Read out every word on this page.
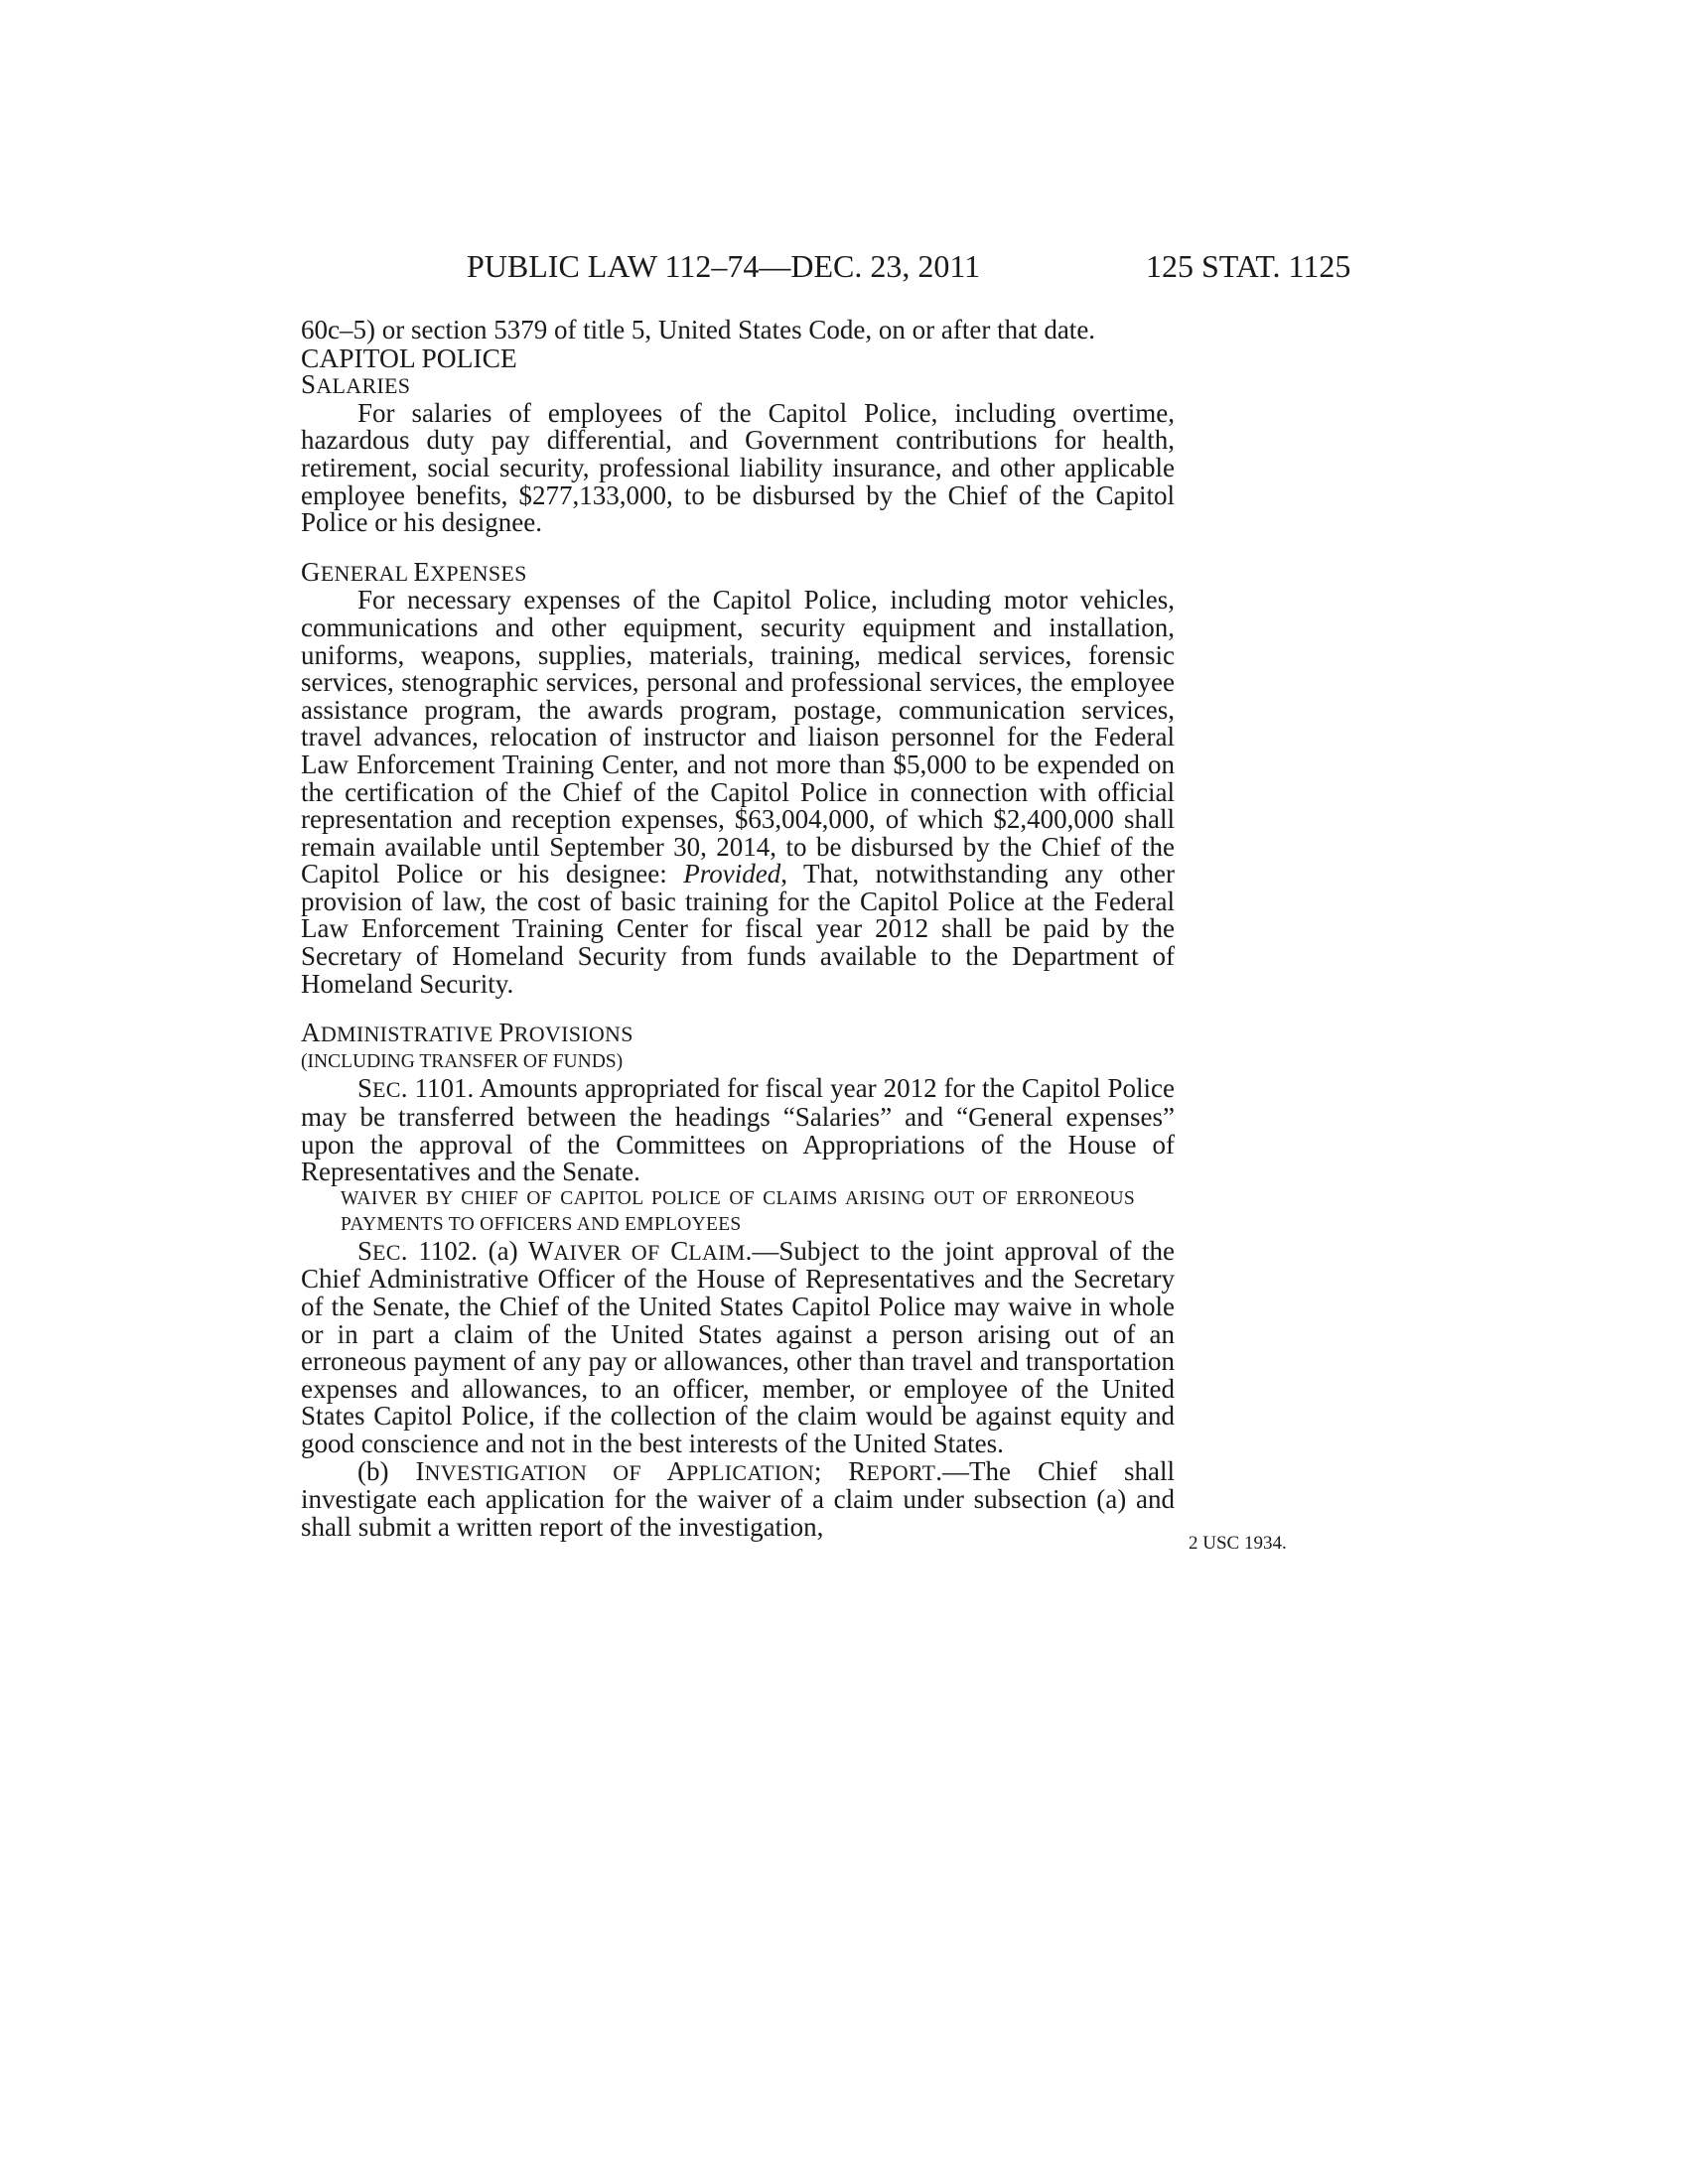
PUBLIC LAW 112–74—DEC. 23, 2011	125 STAT. 1125

60c–5) or section 5379 of title 5, United States Code, on or after that date.

CAPITOL POLICE

SALARIES

For salaries of employees of the Capitol Police, including overtime, hazardous duty pay differential, and Government contributions for health, retirement, social security, professional liability insurance, and other applicable employee benefits, $277,133,000, to be disbursed by the Chief of the Capitol Police or his designee.

GENERAL EXPENSES

For necessary expenses of the Capitol Police, including motor vehicles, communications and other equipment, security equipment and installation, uniforms, weapons, supplies, materials, training, medical services, forensic services, stenographic services, personal and professional services, the employee assistance program, the awards program, postage, communication services, travel advances, relocation of instructor and liaison personnel for the Federal Law Enforcement Training Center, and not more than $5,000 to be expended on the certification of the Chief of the Capitol Police in connection with official representation and reception expenses, $63,004,000, of which $2,400,000 shall remain available until September 30, 2014, to be disbursed by the Chief of the Capitol Police or his designee: Provided, That, notwithstanding any other provision of law, the cost of basic training for the Capitol Police at the Federal Law Enforcement Training Center for fiscal year 2012 shall be paid by the Secretary of Homeland Security from funds available to the Department of Homeland Security.

ADMINISTRATIVE PROVISIONS

(INCLUDING TRANSFER OF FUNDS)

SEC. 1101. Amounts appropriated for fiscal year 2012 for the Capitol Police may be transferred between the headings “Salaries” and “General expenses” upon the approval of the Committees on Appropriations of the House of Representatives and the Senate.

WAIVER BY CHIEF OF CAPITOL POLICE OF CLAIMS ARISING OUT OF ERRONEOUS PAYMENTS TO OFFICERS AND EMPLOYEES

SEC. 1102. (a) WAIVER OF CLAIM.—Subject to the joint approval of the Chief Administrative Officer of the House of Representatives and the Secretary of the Senate, the Chief of the United States Capitol Police may waive in whole or in part a claim of the United States against a person arising out of an erroneous payment of any pay or allowances, other than travel and transportation expenses and allowances, to an officer, member, or employee of the United States Capitol Police, if the collection of the claim would be against equity and good conscience and not in the best interests of the United States.

(b) INVESTIGATION OF APPLICATION; REPORT.—The Chief shall investigate each application for the waiver of a claim under subsection (a) and shall submit a written report of the investigation,

2 USC 1934.
